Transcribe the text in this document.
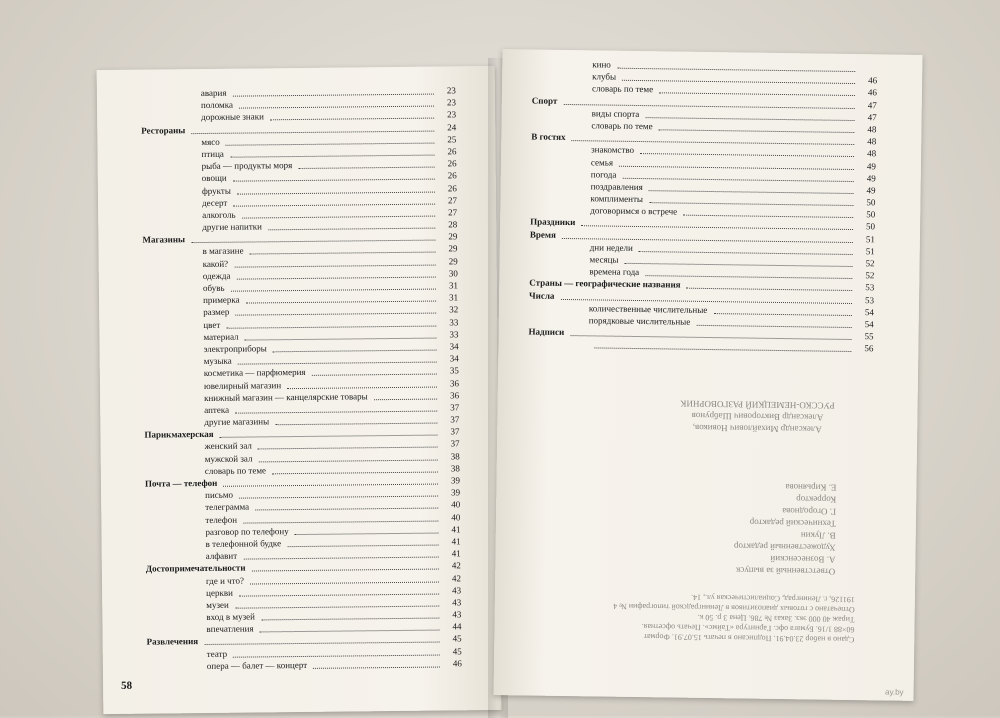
авария	23
поломка	23
дорожные знаки	23
Рестораны	24
мясо	25
птица	26
рыба — продукты моря	26
овощи	26
фрукты	26
десерт	27
алкоголь	27
другие напитки	28
Магазины	29
в магазине	29
какой?	29
одежда	30
обувь	31
примерка	31
размер	32
цвет	33
материал	33
электроприборы	34
музыка	34
косметика — парфюмерия	35
ювелирный магазин	36
книжный магазин — канцелярские товары	36
аптека	37
другие магазины	37
Парикмахерская	37
женский зал	37
мужской зал	38
словарь по теме	38
Почта — телефон	39
письмо	39
телеграмма	40
телефон	40
разговор по телефону	41
в телефонной будке	41
алфавит	41
Достопримечательности	42
где и что?	42
церкви	43
музеи	43
вход в музей	43
впечатления	44
Развлечения	45
театр	45
опера — балет — концерт	46
58
кино
клубы	46
словарь по теме	46
Спорт	47
виды спорта	47
словарь по теме	48
В гостях	48
знакомство	48
семья	49
погода	49
поздравления	49
комплименты	50
договоримся о встрече	50
Праздники	50
Время	51
дни недели	51
месяцы	52
времена года	52
Страны — географические названия	53
Числа	53
количественные числительные	54
порядковые числительные	54
Надписи	55
56
Александр Михайлович Новиков,
Александр Викторович Шабрунов
РУССКО-НЕМЕЦКИЙ РАЗГОВОРНИК
Ответственный за выпуск
А. Вознесенский
Художественный редактор
В. Лукин
Технический редактор
Г. Огороднова
Корректор
Е. Кирьянова
Сдано в набор 23.04.91. Подписано в печать 15.07.91. Формат
60×88 1/16. Бумага офс. Гарнитура «Таймс». Печать офсетная.
Тираж 40 000 экз. Заказ № 786. Цена 3 р. 50 к.
Отпечатано с готовых диапозитивов в Ленинградской типографии № 4
191126, г. Ленинград, Социалистическая ул., 14.
ay.by
